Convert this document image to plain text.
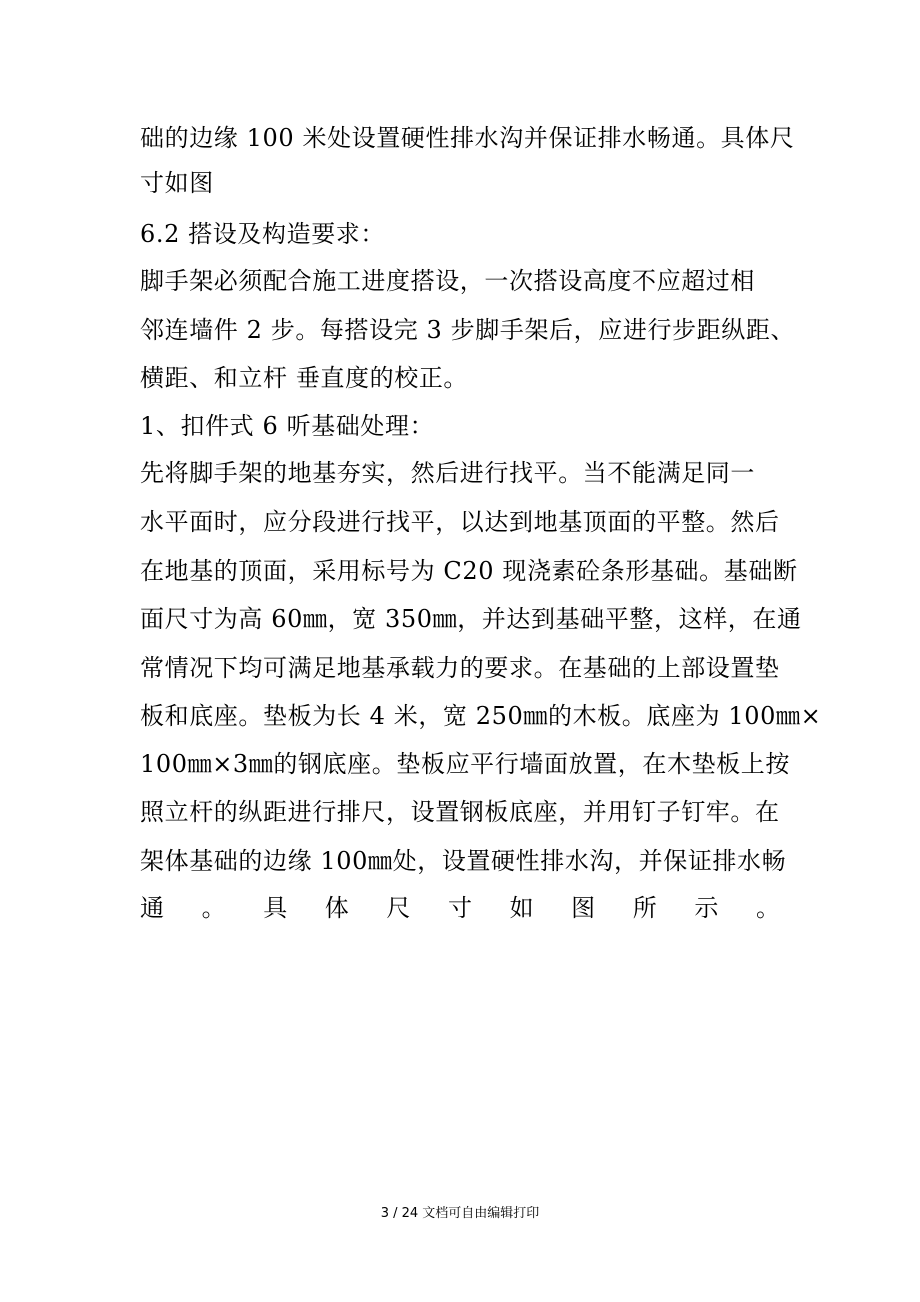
础的边缘 100 米处设置硬性排水沟并保证排水畅通。具体尺
寸如图
6.2 搭设及构造要求：
脚手架必须配合施工进度搭设，一次搭设高度不应超过相
邻连墙件 2 步。每搭设完 3 步脚手架后，应进行步距纵距、
横距、和立杆 垂直度的校正。
1、扣件式 6 听基础处理：
先将脚手架的地基夯实，然后进行找平。当不能满足同一
水平面时，应分段进行找平，以达到地基顶面的平整。然后
在地基的顶面，采用标号为 C20 现浇素砼条形基础。基础断
面尺寸为高 60㎜，宽 350㎜，并达到基础平整，这样，在通
常情况下均可满足地基承载力的要求。在基础的上部设置垫
板和底座。垫板为长 4 米，宽 250㎜的木板。底座为 100㎜×
100㎜×3㎜的钢底座。垫板应平行墙面放置，在木垫板上按
照立杆的纵距进行排尺，设置钢板底座，并用钉子钉牢。在
架体基础的边缘 100㎜处，设置硬性排水沟，并保证排水畅
通 。 具 体 尺 寸 如 图 所 示 。
3 / 24 文档可自由编辑打印
